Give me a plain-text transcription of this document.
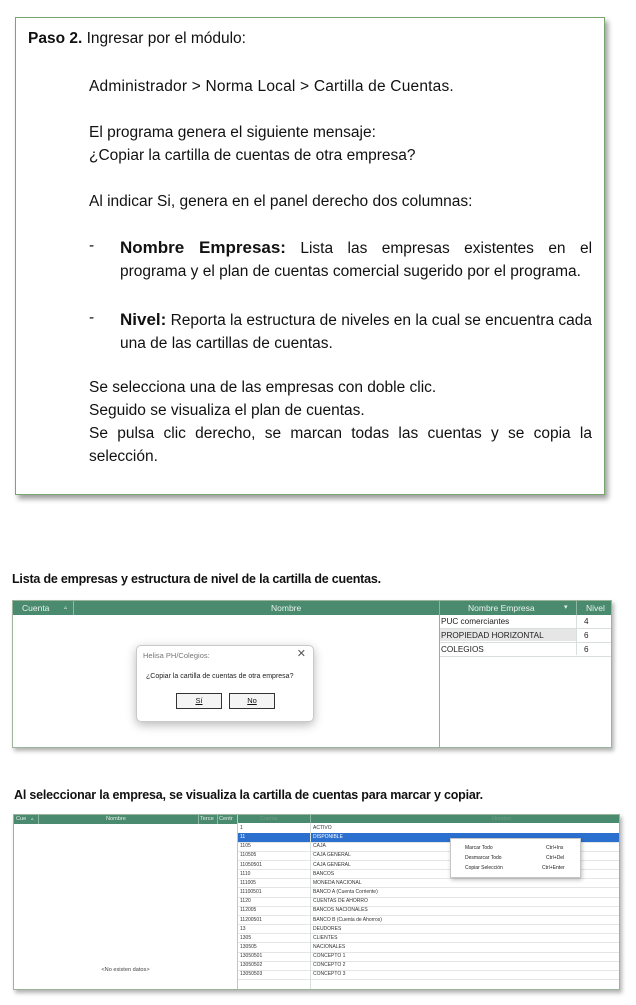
Paso 2. Ingresar por el módulo:
Administrador > Norma Local > Cartilla de Cuentas.
El programa genera el siguiente mensaje:
¿Copiar la cartilla de cuentas de otra empresa?
Al indicar Si, genera en el panel derecho dos columnas:
- Nombre Empresas: Lista las empresas existentes en el programa y el plan de cuentas comercial sugerido por el programa.
- Nivel: Reporta la estructura de niveles en la cual se encuentra cada una de las cartillas de cuentas.
Se selecciona una de las empresas con doble clic.
Seguido se visualiza el plan de cuentas.
Se pulsa clic derecho, se marcan todas las cuentas y se copia la selección.
Lista de empresas y estructura de nivel de la cartilla de cuentas.
Cuenta ▵	Nombre	Nombre Empresa	▾ Nivel
PUC comerciantes	4
PROPIEDAD HORIZONTAL	6
COLEGIOS	6
Helisa PH/Colegios:	✕
¿Copiar la cartilla de cuentas de otra empresa?
Sí	No
Al seleccionar la empresa, se visualiza la cartilla de cuentas para marcar y copiar.
Cue ▵	Nombre	Terce Centr
<No existen datos>
Cuenta	Nombre
1	ACTIVO
11	DISPONIBLE
1105	CAJA
110505	CAJA GENERAL
11050501	CAJA GENERAL
1110	BANCOS
111005	MONEDA NACIONAL
11100501	BANCO A (Cuenta Corriente)
1120	CUENTAS DE AHORRO
112005	BANCOS NACIONALES
11200501	BANCO B (Cuenta de Ahorros)
13	DEUDORES
1305	CLIENTES
130505	NACIONALES
13050501	CONCEPTO 1
13050502	CONCEPTO 2
13050503	CONCEPTO 3
Marcar Todo	Ctrl+Ins
Desmarcar Todo	Ctrl+Del
Copiar Selección	Ctrl+Enter
